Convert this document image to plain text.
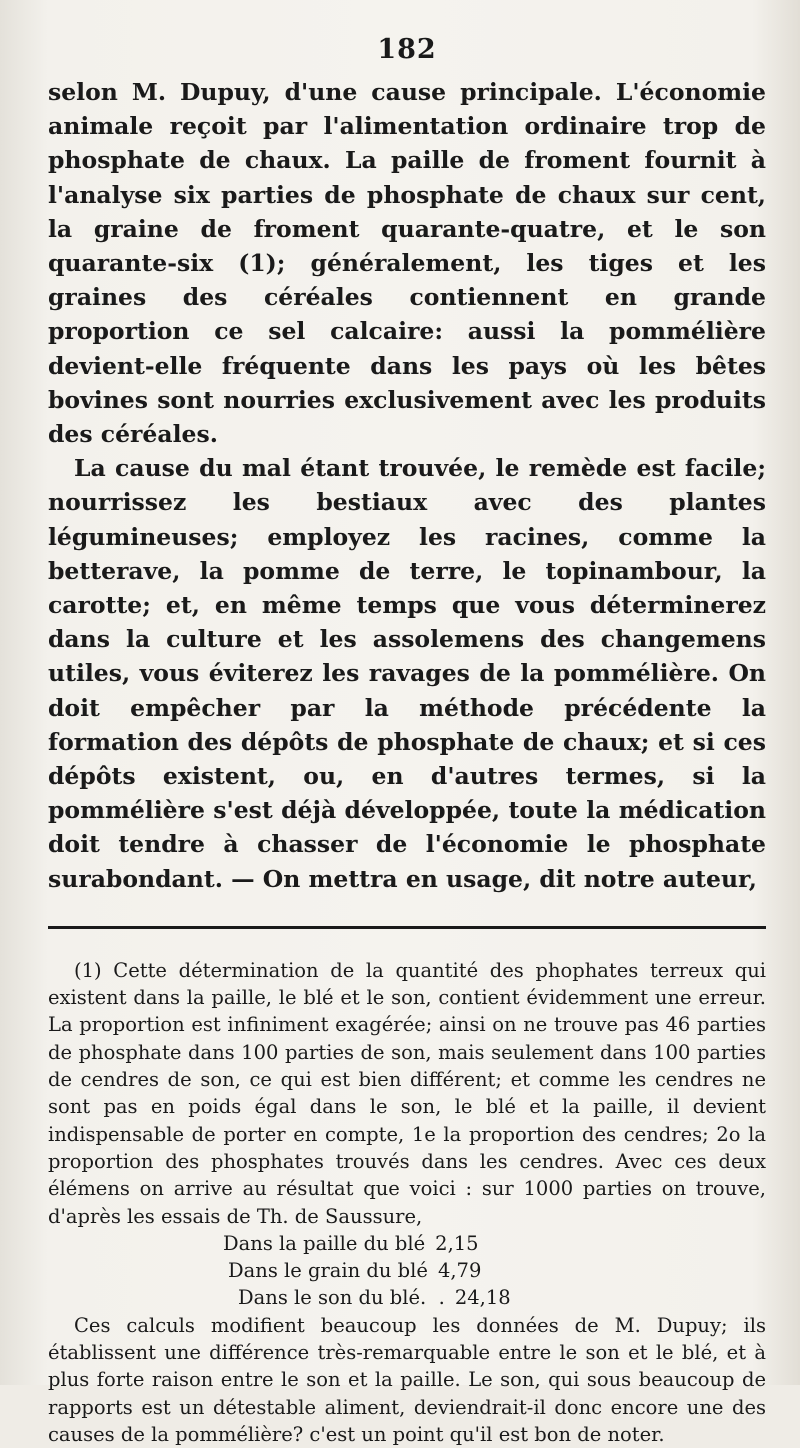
182

selon M. Dupuy, d'une cause principale. L'économie animale reçoit par l'alimentation ordinaire trop de phosphate de chaux. La paille de froment fournit à l'analyse six parties de phosphate de chaux sur cent, la graine de froment quarante-quatre, et le son quarante-six (1); généralement, les tiges et les graines des céréales contiennent en grande proportion ce sel calcaire: aussi la pommélière devient-elle fréquente dans les pays où les bêtes bovines sont nourries exclusivement avec les produits des céréales.

La cause du mal étant trouvée, le remède est facile; nourrissez les bestiaux avec des plantes légumineuses; employez les racines, comme la betterave, la pomme de terre, le topinambour, la carotte; et, en même temps que vous déterminerez dans la culture et les assolemens des changemens utiles, vous éviterez les ravages de la pommélière. On doit empêcher par la méthode précédente la formation des dépôts de phosphate de chaux; et si ces dépôts existent, ou, en d'autres termes, si la pommélière s'est déjà développée, toute la médication doit tendre à chasser de l'économie le phosphate surabondant. — On mettra en usage, dit notre auteur,

(1) Cette détermination de la quantité des phophates terreux qui existent dans la paille, le blé et le son, contient évidemment une erreur. La proportion est infiniment exagérée; ainsi on ne trouve pas 46 parties de phosphate dans 100 parties de son, mais seulement dans 100 parties de cendres de son, ce qui est bien différent; et comme les cendres ne sont pas en poids égal dans le son, le blé et la paille, il devient indispensable de porter en compte, 1e la proportion des cendres; 2o la proportion des phosphates trouvés dans les cendres. Avec ces deux élémens on arrive au résultat que voici : sur 1000 parties on trouve, d'après les essais de Th. de Saussure,

Dans la paille du blé 2,15
Dans le grain du blé 4,79
Dans le son du blé.  . 24,18

Ces calculs modifient beaucoup les données de M. Dupuy; ils établissent une différence très-remarquable entre le son et le blé, et à plus forte raison entre le son et la paille. Le son, qui sous beaucoup de rapports est un détestable aliment, deviendrait-il donc encore une des causes de la pommélière? c'est un point qu'il est bon de noter.
